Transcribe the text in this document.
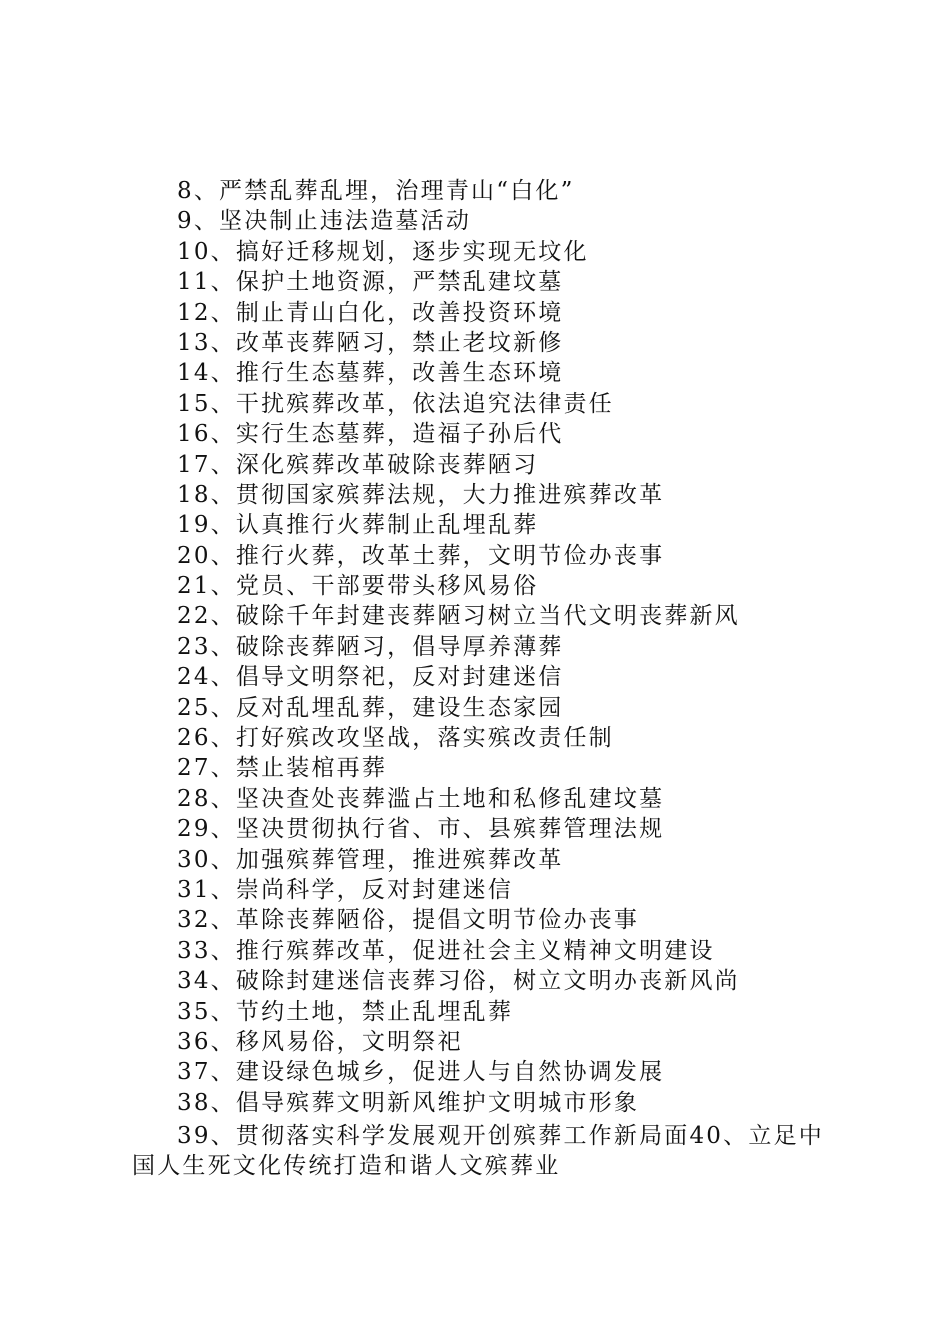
8、严禁乱葬乱埋，治理青山“白化”
9、坚决制止违法造墓活动
10、搞好迁移规划，逐步实现无坟化
11、保护土地资源，严禁乱建坟墓
12、制止青山白化，改善投资环境
13、改革丧葬陋习，禁止老坟新修
14、推行生态墓葬，改善生态环境
15、干扰殡葬改革，依法追究法律责任
16、实行生态墓葬，造福子孙后代
17、深化殡葬改革破除丧葬陋习
18、贯彻国家殡葬法规，大力推进殡葬改革
19、认真推行火葬制止乱埋乱葬
20、推行火葬，改革土葬，文明节俭办丧事
21、党员、干部要带头移风易俗
22、破除千年封建丧葬陋习树立当代文明丧葬新风
23、破除丧葬陋习，倡导厚养薄葬
24、倡导文明祭祀，反对封建迷信
25、反对乱埋乱葬，建设生态家园
26、打好殡改攻坚战，落实殡改责任制
27、禁止装棺再葬
28、坚决查处丧葬滥占土地和私修乱建坟墓
29、坚决贯彻执行省、市、县殡葬管理法规
30、加强殡葬管理，推进殡葬改革
31、崇尚科学，反对封建迷信
32、革除丧葬陋俗，提倡文明节俭办丧事
33、推行殡葬改革，促进社会主义精神文明建设
34、破除封建迷信丧葬习俗，树立文明办丧新风尚
35、节约土地，禁止乱埋乱葬
36、移风易俗，文明祭祀
37、建设绿色城乡，促进人与自然协调发展
38、倡导殡葬文明新风维护文明城市形象
39、贯彻落实科学发展观开创殡葬工作新局面40、立足中国人生死文化传统打造和谐人文殡葬业
